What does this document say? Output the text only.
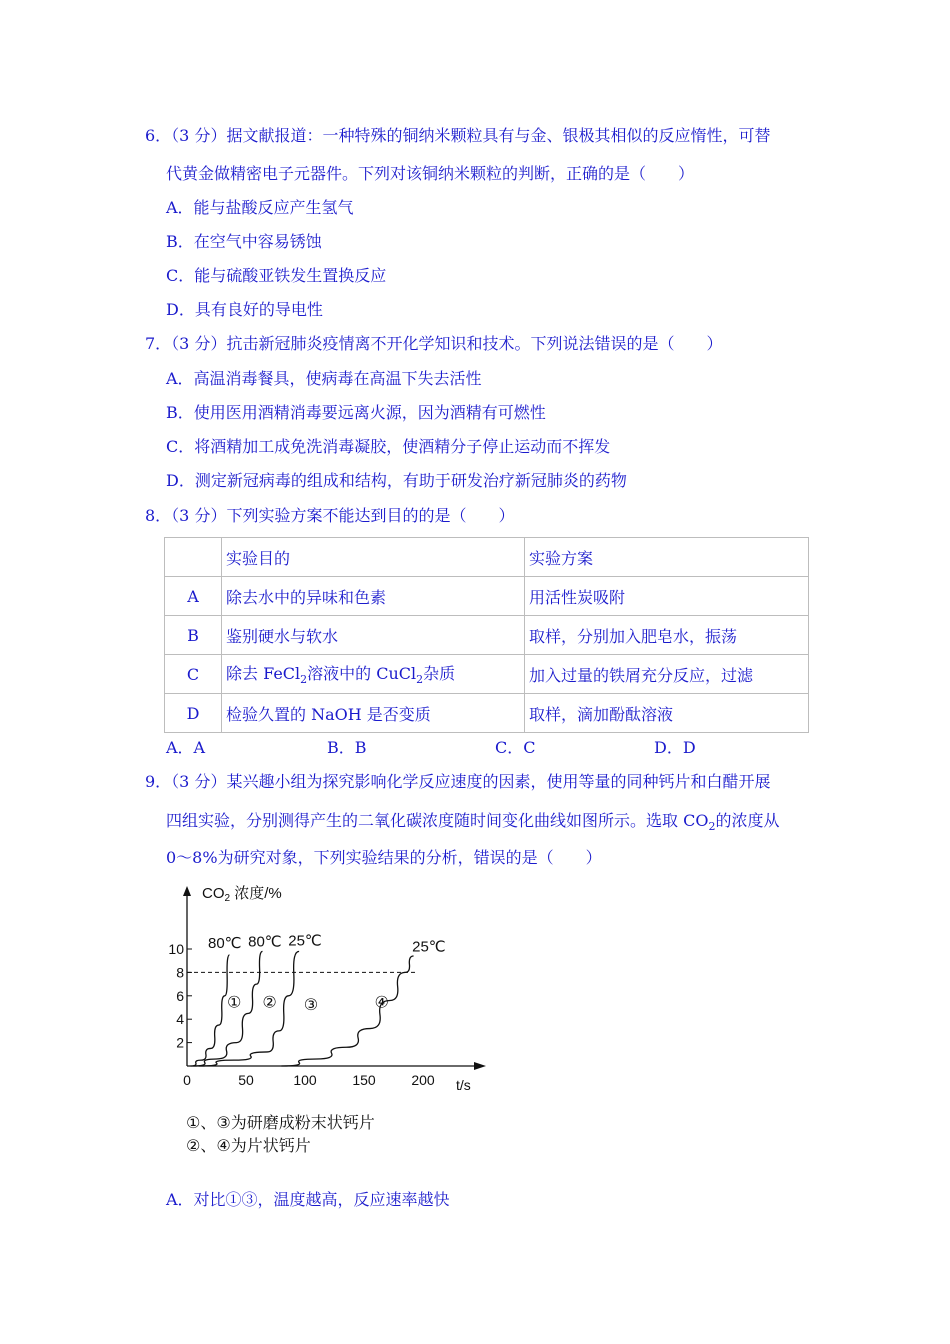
6．（3 分）据文献报道：一种特殊的铜纳米颗粒具有与金、银极其相似的反应惰性，可替
代黄金做精密电子元器件。下列对该铜纳米颗粒的判断，正确的是（　　）
A．能与盐酸反应产生氢气
B．在空气中容易锈蚀
C．能与硫酸亚铁发生置换反应
D．具有良好的导电性
7．（3 分）抗击新冠肺炎疫情离不开化学知识和技术。下列说法错误的是（　　）
A．高温消毒餐具，使病毒在高温下失去活性
B．使用医用酒精消毒要远离火源，因为酒精有可燃性
C．将酒精加工成免洗消毒凝胶，使酒精分子停止运动而不挥发
D．测定新冠病毒的组成和结构，有助于研发治疗新冠肺炎的药物
8．（3 分）下列实验方案不能达到目的的是（　　）
	实验目的	实验方案
A	除去水中的异味和色素	用活性炭吸附
B	鉴别硬水与软水	取样，分别加入肥皂水，振荡
C	除去 FeCl$_2$溶液中的 CuCl$_2$杂质	加入过量的铁屑充分反应，过滤
D	检验久置的 NaOH 是否变质	取样，滴加酚酞溶液
A．A	B．B	C．C	D．D
9．（3 分）某兴趣小组为探究影响化学反应速度的因素，使用等量的同种钙片和白醋开展
四组实验，分别测得产生的二氧化碳浓度随时间变化曲线如图所示。选取 $CO_2$的浓度从
0～8%为研究对象，下列实验结果的分析，错误的是（　　）
2
4
6
8
10
0	50	100	150	200 t/s
$CO_2$ 浓度/%
①
80℃
②
80℃
③
25℃
④
25℃
①、③为研磨成粉末状钙片
②、④为片状钙片
A．对比①③，温度越高，反应速率越快
